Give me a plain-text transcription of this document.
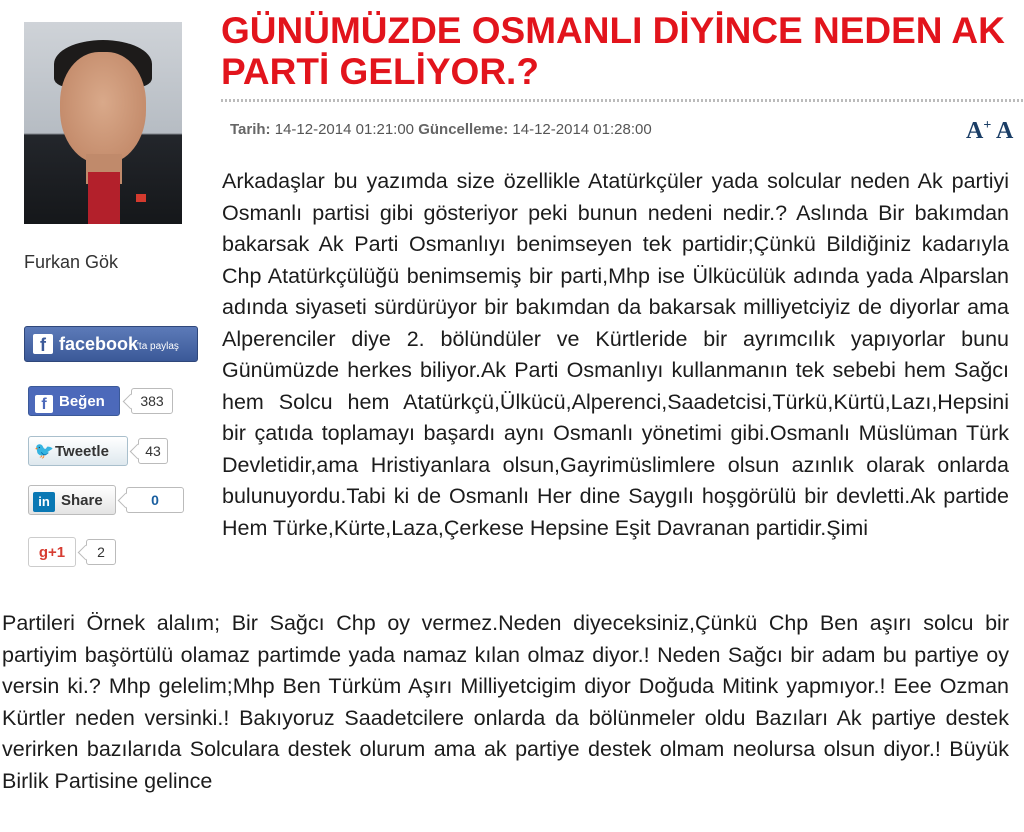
Furkan Gök
f facebook
'ta paylaş
f Beğen	383
🐦Tweetle	43
in Share	0
g+1	2
GÜNÜMÜZDE OSMANLI DİYİNCE NEDEN AK PARTİ GELİYOR.?
Tarih: 14-12-2014 01:21:00 Güncelleme: 14-12-2014 01:28:00	A+ A

Arkadaşlar bu yazımda size özellikle Atatürkçüler yada solcular neden Ak partiyi Osmanlı partisi gibi gösteriyor peki bunun nedeni nedir.? Aslında Bir bakımdan bakarsak Ak Parti Osmanlıyı benimseyen tek partidir;Çünkü Bildiğiniz kadarıyla Chp Atatürkçülüğü benimsemiş bir parti,Mhp ise Ülkücülük adında yada Alparslan adında siyaseti sürdürüyor bir bakımdan da bakarsak milliyetciyiz de diyorlar ama Alperenciler diye 2. bölündüler ve Kürtleride bir ayrımcılık yapıyorlar bunu Günümüzde herkes biliyor.Ak Parti Osmanlıyı kullanmanın tek sebebi hem Sağcı hem Solcu hem Atatürkçü,Ülkücü,Alperenci,Saadetcisi,Türkü,Kürtü,Lazı,Hepsini bir çatıda toplamayı başardı aynı Osmanlı yönetimi gibi.Osmanlı Müslüman Türk Devletidir,ama Hristiyanlara olsun,Gayrimüslimlere olsun azınlık olarak onlarda bulunuyordu.Tabi ki de Osmanlı Her dine Saygılı hoşgörülü bir devletti.Ak partide Hem Türke,Kürte,Laza,Çerkese Hepsine Eşit Davranan partidir.Şimi

Partileri Örnek alalım; Bir Sağcı Chp oy vermez.Neden diyeceksiniz,Çünkü Chp Ben aşırı solcu bir partiyim başörtülü olamaz partimde yada namaz kılan olmaz diyor.! Neden Sağcı bir adam bu partiye oy versin ki.? Mhp gelelim;Mhp Ben Türküm Aşırı Milliyetcigim diyor Doğuda Mitink yapmıyor.! Eee Ozman Kürtler neden versinki.! Bakıyoruz Saadetcilere onlarda da bölünmeler oldu Bazıları Ak partiye destek verirken bazılarıda Solculara destek olurum ama ak partiye destek olmam neolursa olsun diyor.! Büyük Birlik Partisine gelince
